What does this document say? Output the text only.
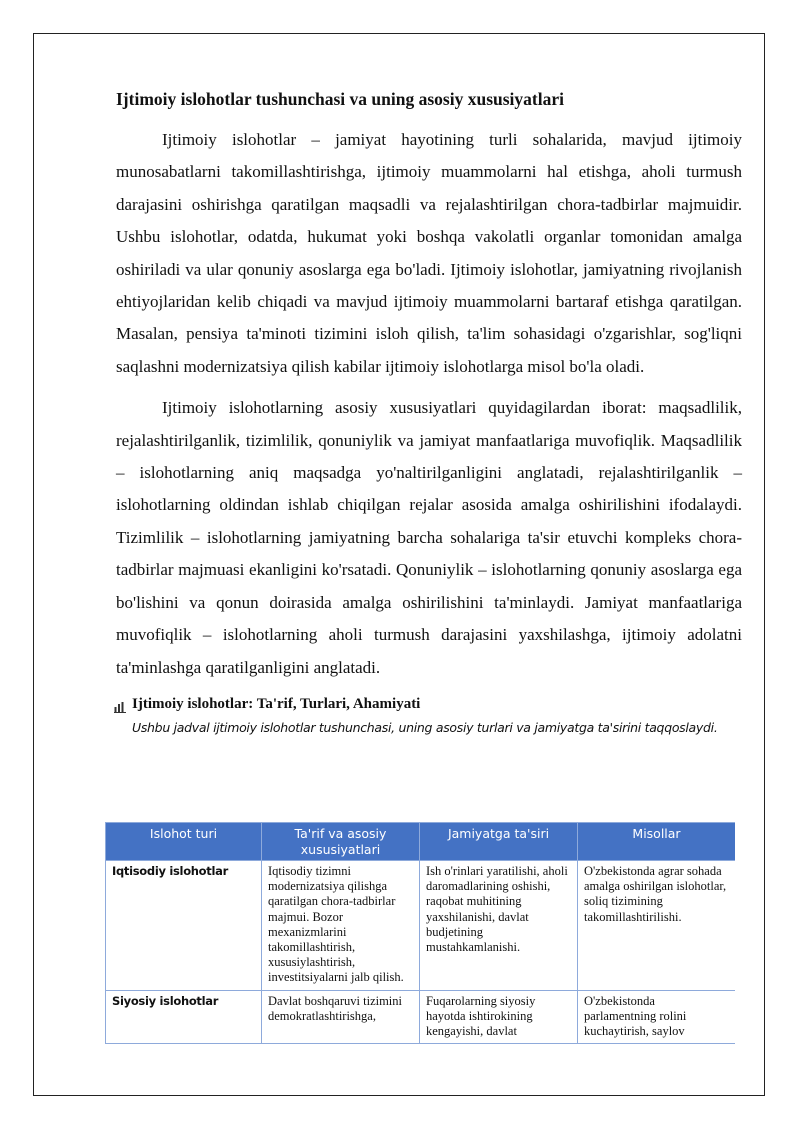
Ijtimoiy islohotlar tushunchasi va uning asosiy xususiyatlari

Ijtimoiy islohotlar – jamiyat hayotining turli sohalarida, mavjud ijtimoiy munosabatlarni takomillashtirishga, ijtimoiy muammolarni hal etishga, aholi turmush darajasini oshirishga qaratilgan maqsadli va rejalashtirilgan chora-tadbirlar majmuidir. Ushbu islohotlar, odatda, hukumat yoki boshqa vakolatli organlar tomonidan amalga oshiriladi va ular qonuniy asoslarga ega bo'ladi. Ijtimoiy islohotlar, jamiyatning rivojlanish ehtiyojlaridan kelib chiqadi va mavjud ijtimoiy muammolarni bartaraf etishga qaratilgan. Masalan, pensiya ta'minoti tizimini isloh qilish, ta'lim sohasidagi o'zgarishlar, sog'liqni saqlashni modernizatsiya qilish kabilar ijtimoiy islohotlarga misol bo'la oladi.

Ijtimoiy islohotlarning asosiy xususiyatlari quyidagilardan iborat: maqsadlilik, rejalashtirilganlik, tizimlilik, qonuniylik va jamiyat manfaatlariga muvofiqlik. Maqsadlilik – islohotlarning aniq maqsadga yo'naltirilganligini anglatadi, rejalashtirilganlik – islohotlarning oldindan ishlab chiqilgan rejalar asosida amalga oshirilishini ifodalaydi. Tizimlilik – islohotlarning jamiyatning barcha sohalariga ta'sir etuvchi kompleks chora-tadbirlar majmuasi ekanligini ko'rsatadi. Qonuniylik – islohotlarning qonuniy asoslarga ega bo'lishini va qonun doirasida amalga oshirilishini ta'minlaydi. Jamiyat manfaatlariga muvofiqlik – islohotlarning aholi turmush darajasini yaxshilashga, ijtimoiy adolatni ta'minlashga qaratilganligini anglatadi.

Ijtimoiy islohotlar: Ta'rif, Turlari, Ahamiyati
Ushbu jadval ijtimoiy islohotlar tushunchasi, uning asosiy turlari va jamiyatga ta'sirini taqqoslaydi.
Islohot turi	Ta'rif va asosiy xususiyatlari	Jamiyatga ta'siri	Misollar
Iqtisodiy islohotlar	Iqtisodiy tizimni modernizatsiya qilishga qaratilgan chora-tadbirlar majmui. Bozor mexanizmlarini takomillashtirish, xususiylashtirish, investitsiyalarni jalb qilish.	Ish o'rinlari yaratilishi, aholi daromadlarining oshishi, raqobat muhitining yaxshilanishi, davlat budjetining mustahkamlanishi.	O'zbekistonda agrar sohada amalga oshirilgan islohotlar, soliq tizimining takomillashtirilishi.
Siyosiy islohotlar	Davlat boshqaruvi tizimini demokratlashtirishga,	Fuqarolarning siyosiy hayotda ishtirokining kengayishi, davlat	O'zbekistonda parlamentning rolini kuchaytirish, saylov
